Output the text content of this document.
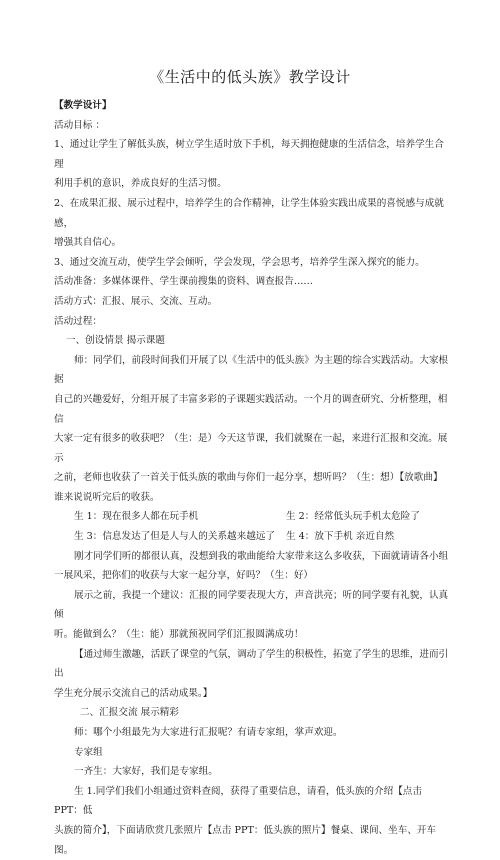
《生活中的低头族》教学设计

【教学设计】

活动目标 ：

1、通过让学生了解低头族，树立学生适时放下手机，每天拥抱健康的生活信念，培养学生合理

利用手机的意识，养成良好的生活习惯。

2、在成果汇报、展示过程中，培养学生的合作精神，让学生体验实践出成果的喜悦感与成就感，

增强其自信心。

3、通过交流互动，使学生学会倾听，学会发现，学会思考，培养学生深入探究的能力。

活动准备：多媒体课件、学生课前搜集的资料、调查报告……

活动方式：汇报、展示、交流、互动。

活动过程：

一、创设情景 揭示课题

师：同学们，前段时间我们开展了以《生活中的低头族》为主题的综合实践活动。大家根据

自己的兴趣爱好，分组开展了丰富多彩的子课题实践活动。一个月的调查研究、分析整理，相信

大家一定有很多的收获吧？（生：是）今天这节课，我们就聚在一起，来进行汇报和交流。展示

之前，老师也收获了一首关于低头族的歌曲与你们一起分享，想听吗？（生：想）【放歌曲】

谁来说说听完后的收获。

生 1：现在很多人都在玩手机	生 2：经常低头玩手机太危险了
生 3：信息发达了但是人与人的关系越来越远了	生 4：放下手机 亲近自然

刚才同学们听的都很认真，没想到我的歌曲能给大家带来这么多收获，下面就请请各小组

一展风采，把你们的收获与大家一起分享，好吗？（生：好）

展示之前，我提一个建议：汇报的同学要表现大方，声音洪亮；听的同学要有礼貌，认真倾

听。能做到么？（生：能）那就预祝同学们汇报圆满成功！

【通过师生激趣，活跃了课堂的气氛，调动了学生的积极性，拓宽了学生的思维，进而引出

学生充分展示交流自己的活动成果。】

二、汇报交流 展示精彩

师：哪个小组最先为大家进行汇报呢？有请专家组，掌声欢迎。

专家组

一齐生：大家好，我们是专家组。

生 1.同学们我们小组通过资料查阅，获得了重要信息，请看，低头族的介绍【点击 PPT：低

头族的简介】，下面请欣赏几张照片【点击 PPT：低头族的照片】餐桌、课间、坐车、开车图。
